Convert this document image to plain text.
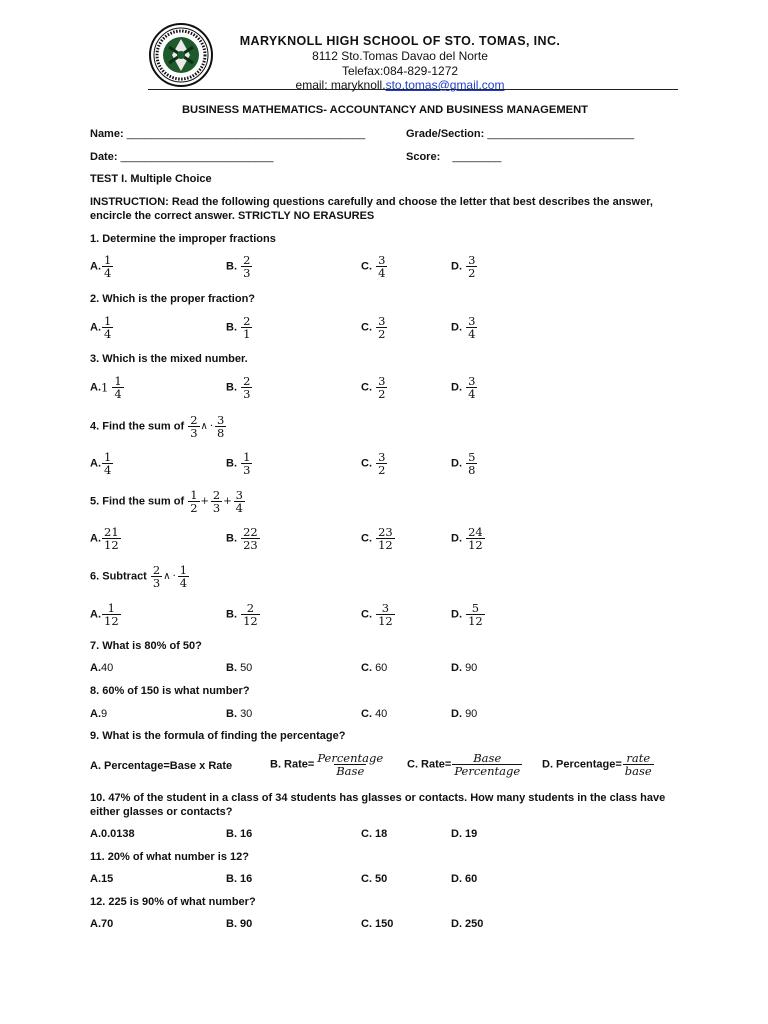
MARYKNOLL HIGH SCHOOL OF STO. TOMAS, INC.
8112 Sto.Tomas Davao del Norte
Telefax:084-829-1272
email: maryknoll.sto.tomas@gmail.com
BUSINESS MATHEMATICS- ACCOUNTANCY AND BUSINESS MANAGEMENT
Name: _______________________________________	Grade/Section: ________________________
Date: _________________________	Score: ________
TEST I. Multiple Choice
INSTRUCTION: Read the following questions carefully and choose the letter that best describes the answer, encircle the correct answer. STRICTLY NO ERASURES
1. Determine the improper fractions
A. $\frac{1}{4}$	B. $\frac{2}{3}$	C. $\frac{3}{4}$	D. $\frac{3}{2}$
2. Which is the proper fraction?
A. $\frac{1}{4}$	B. $\frac{2}{1}$	C. $\frac{3}{2}$	D. $\frac{3}{4}$
3. Which is the mixed number.
$A.1 \frac{1}{4}$	B. $\frac{2}{3}$	C. $\frac{3}{2}$	D. $\frac{3}{4}$
4. Find the sum of $\frac{2}{3}$ ∧ · $\frac{3}{8}$
A. $\frac{1}{4}$	B. $\frac{1}{3}$	C. $\frac{3}{2}$	D. $\frac{5}{8}$
5. Find the sum of $\frac{1}{2} + \frac{2}{3} + \frac{3}{4}$
A. $\frac{21}{12}$	B. $\frac{22}{23}$	C. $\frac{23}{12}$	D. $\frac{24}{12}$
6. Subtract $\frac{2}{3}$ ∧ · $\frac{1}{4}$
A. $\frac{1}{12}$	B. $\frac{2}{12}$	C. $\frac{3}{12}$	D. $\frac{5}{12}$
7. What is 80% of 50?
A.40	B. 50	C. 60	D. 90
8. 60% of 150 is what number?
A.9	B. 30	C. 40	D. 90
9. What is the formula of finding the percentage?
A. Percentage=Base x Rate	B. Rate= $\frac{\text{Percentage}}{\text{Base}} C$. Rate= $\frac{\text{Base}}{\text{Percentage}} D$. Percentage= $\frac{\text{rate}}{\text{base}}$
10. 47% of the student in a class of 34 students has glasses or contacts. How many students in the class have either glasses or contacts?
A.0.0138	B. 16	C. 18	D. 19
11. 20% of what number is 12?
A.15	B. 16	C. 50	D. 60
12. 225 is 90% of what number?
A.70	B. 90	C. 150	D. 250
